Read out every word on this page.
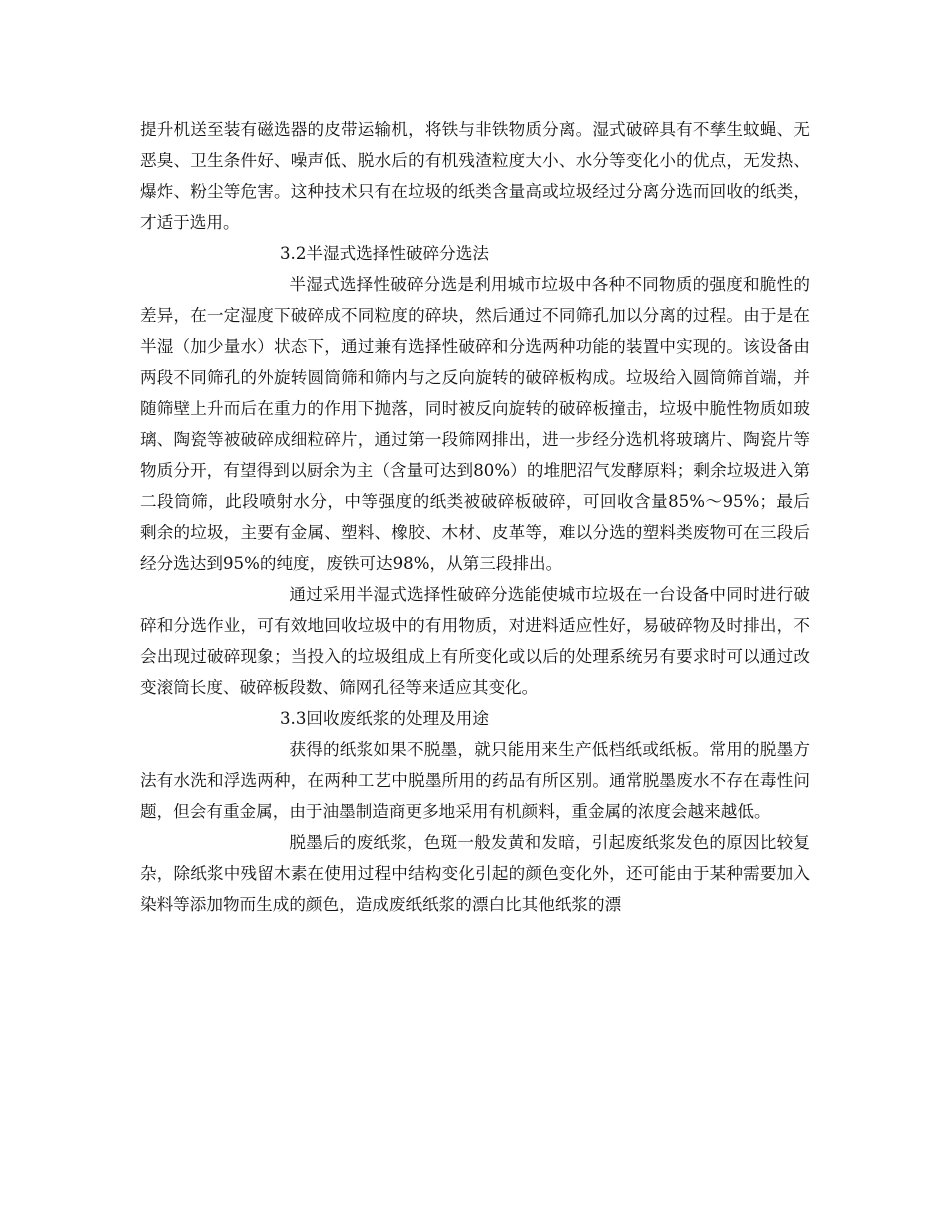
提升机送至装有磁选器的皮带运输机，将铁与非铁物质分离。湿式破碎具有不孳生蚊蝇、无恶臭、卫生条件好、噪声低、脱水后的有机残渣粒度大小、水分等变化小的优点，无发热、爆炸、粉尘等危害。这种技术只有在垃圾的纸类含量高或垃圾经过分离分选而回收的纸类，才适于选用。

3.2半湿式选择性破碎分选法

半湿式选择性破碎分选是利用城市垃圾中各种不同物质的强度和脆性的差异，在一定湿度下破碎成不同粒度的碎块，然后通过不同筛孔加以分离的过程。由于是在半湿（加少量水）状态下，通过兼有选择性破碎和分选两种功能的装置中实现的。该设备由两段不同筛孔的外旋转圆筒筛和筛内与之反向旋转的破碎板构成。垃圾给入圆筒筛首端，并随筛壁上升而后在重力的作用下抛落，同时被反向旋转的破碎板撞击，垃圾中脆性物质如玻璃、陶瓷等被破碎成细粒碎片，通过第一段筛网排出，进一步经分选机将玻璃片、陶瓷片等物质分开，有望得到以厨余为主（含量可达到80%）的堆肥沼气发酵原料；剩余垃圾进入第二段筒筛，此段喷射水分，中等强度的纸类被破碎板破碎，可回收含量85%～95%；最后剩余的垃圾，主要有金属、塑料、橡胶、木材、皮革等，难以分选的塑料类废物可在三段后经分选达到95%的纯度，废铁可达98%，从第三段排出。

通过采用半湿式选择性破碎分选能使城市垃圾在一台设备中同时进行破碎和分选作业，可有效地回收垃圾中的有用物质，对进料适应性好，易破碎物及时排出，不会出现过破碎现象；当投入的垃圾组成上有所变化或以后的处理系统另有要求时可以通过改变滚筒长度、破碎板段数、筛网孔径等来适应其变化。

3.3回收废纸浆的处理及用途

获得的纸浆如果不脱墨，就只能用来生产低档纸或纸板。常用的脱墨方法有水洗和浮选两种，在两种工艺中脱墨所用的药品有所区别。通常脱墨废水不存在毒性问题，但会有重金属，由于油墨制造商更多地采用有机颜料，重金属的浓度会越来越低。

脱墨后的废纸浆，色斑一般发黄和发暗，引起废纸浆发色的原因比较复杂，除纸浆中残留木素在使用过程中结构变化引起的颜色变化外，还可能由于某种需要加入染料等添加物而生成的颜色，造成废纸纸浆的漂白比其他纸浆的漂
